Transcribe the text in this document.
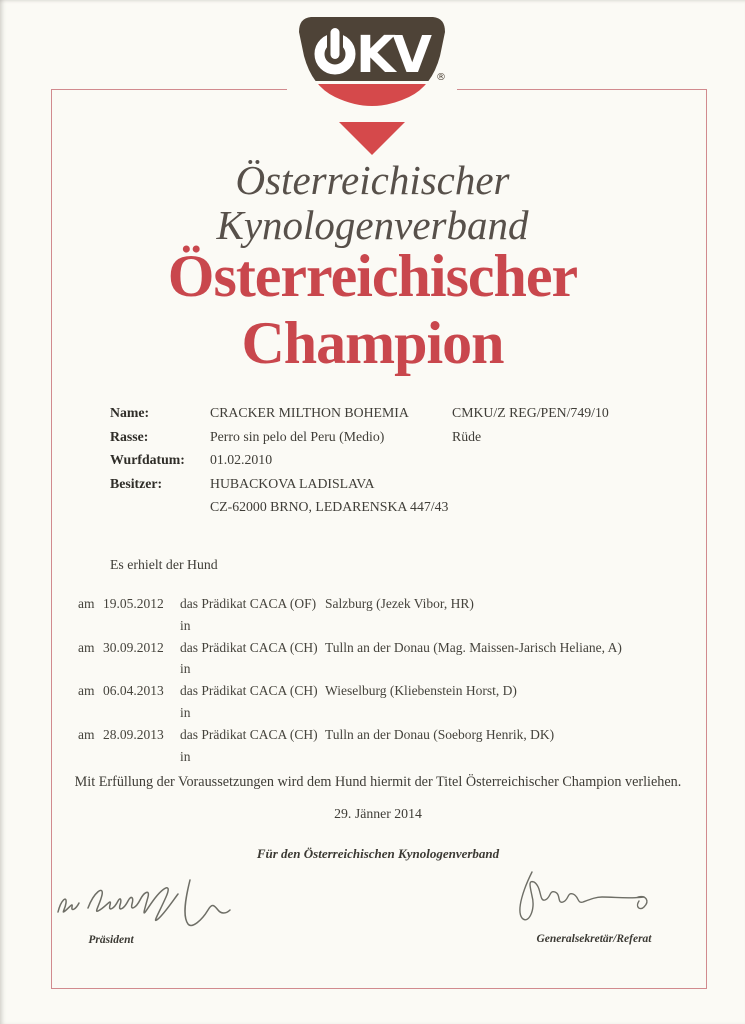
KV ®
Österreichischer
Kynologenverband
Österreichischer
Champion
Name:	CRACKER MILTHON BOHEMIA	CMKU/Z REG/PEN/749/10
Rasse:	Perro sin pelo del Peru (Medio)	Rüde
Wurfdatum:	01.02.2010
Besitzer:	HUBACKOVA LADISLAVA
CZ-62000 BRNO, LEDARENSKA 447/43
Es erhielt der Hund
am 19.05.2012	das Prädikat CACA (OF) in
Salzburg (Jezek Vibor, HR)
am 30.09.2012	das Prädikat CACA (CH) in
Tulln an der Donau (Mag. Maissen-Jarisch Heliane, A)
am 06.04.2013	das Prädikat CACA (CH) in
Wieselburg (Kliebenstein Horst, D)
am 28.09.2013	das Prädikat CACA (CH) in
Tulln an der Donau (Soeborg Henrik, DK)
Mit Erfüllung der Voraussetzungen wird dem Hund hiermit der Titel Österreichischer Champion verliehen.
29. Jänner 2014
Für den Österreichischen Kynologenverband
Präsident	Generalsekretär/Referat
